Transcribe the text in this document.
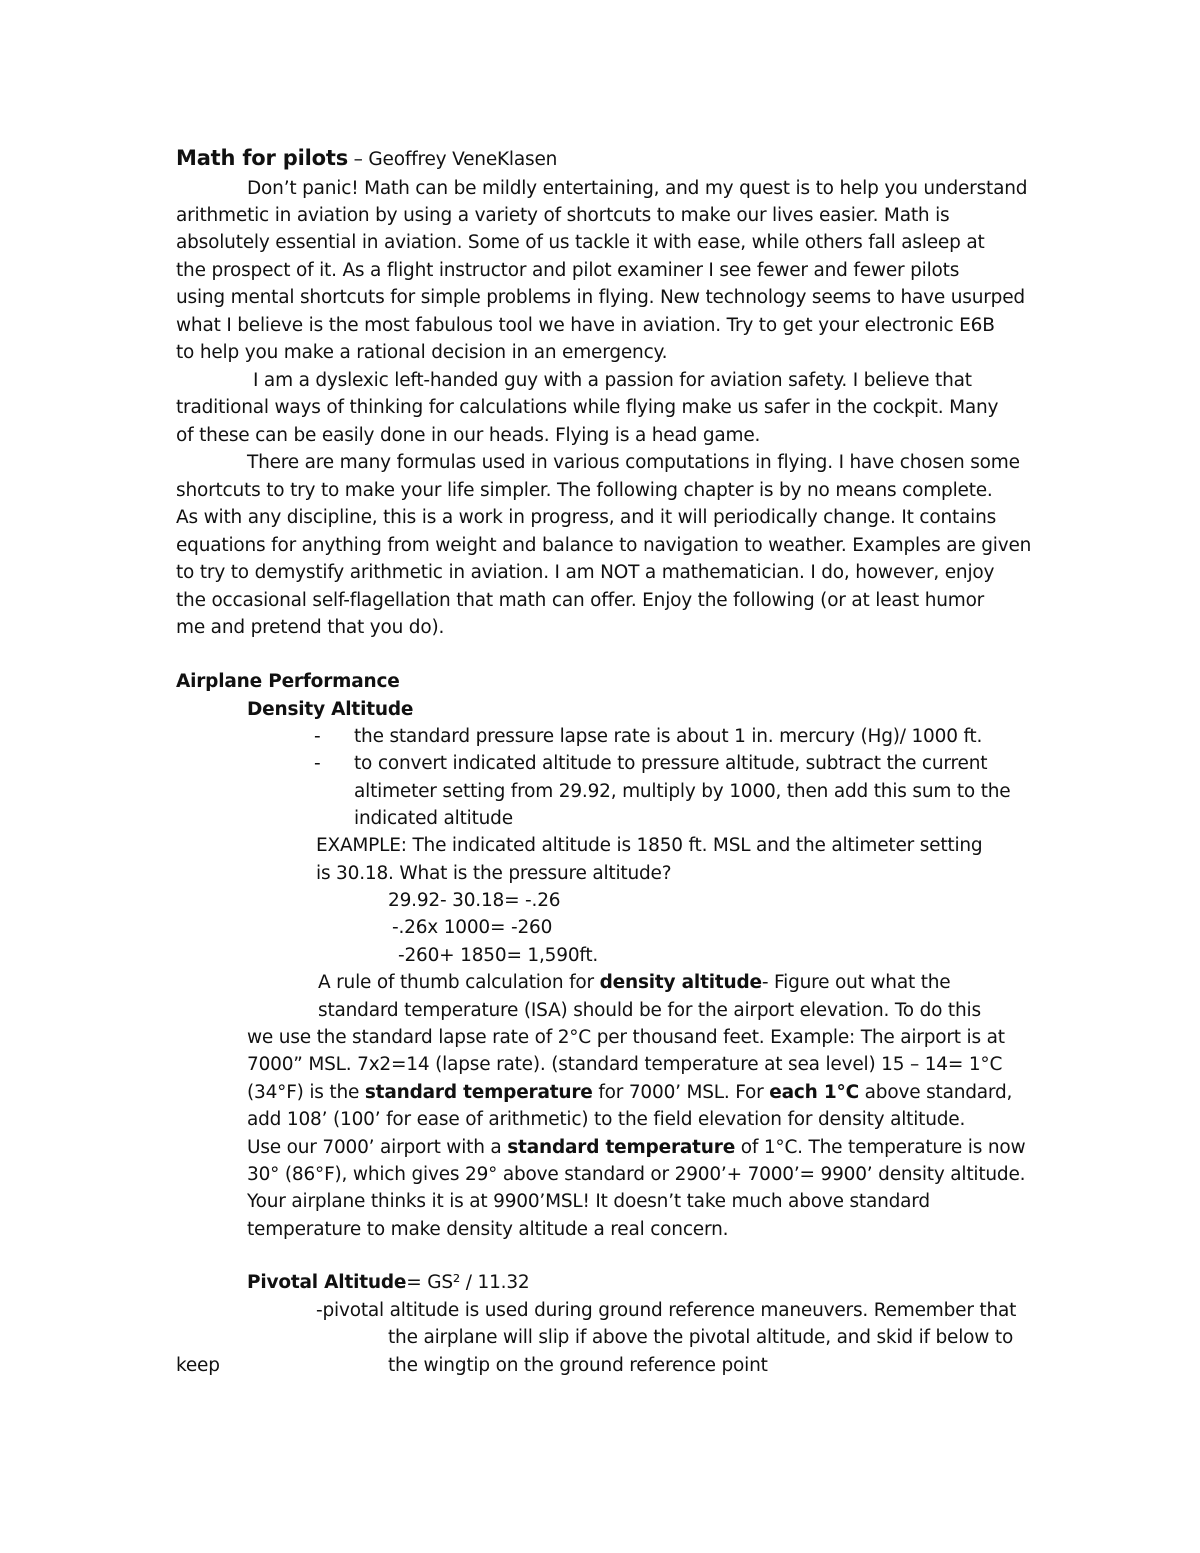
Math for pilots – Geoffrey VeneKlasen
Don’t panic! Math can be mildly entertaining, and my quest is to help you understand
arithmetic in aviation by using a variety of shortcuts to make our lives easier. Math is
absolutely essential in aviation. Some of us tackle it with ease, while others fall asleep at
the prospect of it. As a flight instructor and pilot examiner I see fewer and fewer pilots
using mental shortcuts for simple problems in flying. New technology seems to have usurped
what I believe is the most fabulous tool we have in aviation. Try to get your electronic E6B
to help you make a rational decision in an emergency.
I am a dyslexic left-handed guy with a passion for aviation safety. I believe that
traditional ways of thinking for calculations while flying make us safer in the cockpit. Many
of these can be easily done in our heads. Flying is a head game.
There are many formulas used in various computations in flying. I have chosen some
shortcuts to try to make your life simpler. The following chapter is by no means complete.
As with any discipline, this is a work in progress, and it will periodically change. It contains
equations for anything from weight and balance to navigation to weather. Examples are given
to try to demystify arithmetic in aviation. I am NOT a mathematician. I do, however, enjoy
the occasional self-flagellation that math can offer. Enjoy the following (or at least humor
me and pretend that you do).
Airplane Performance
Density Altitude
- the standard pressure lapse rate is about 1 in. mercury (Hg)/ 1000 ft.
- to convert indicated altitude to pressure altitude, subtract the current
altimeter setting from 29.92, multiply by 1000, then add this sum to the
indicated altitude
EXAMPLE: The indicated altitude is 1850 ft. MSL and the altimeter setting
is 30.18. What is the pressure altitude?
29.92- 30.18= -.26
-.26x 1000= -260
-260+ 1850= 1,590ft.
A rule of thumb calculation for density altitude- Figure out what the
standard temperature (ISA) should be for the airport elevation. To do this
we use the standard lapse rate of 2°C per thousand feet. Example: The airport is at
7000” MSL. 7x2=14 (lapse rate). (standard temperature at sea level) 15 – 14= 1°C
(34°F) is the standard temperature for 7000’ MSL. For each 1°C above standard,
add 108’ (100’ for ease of arithmetic) to the field elevation for density altitude.
Use our 7000’ airport with a standard temperature of 1°C. The temperature is now
30° (86°F), which gives 29° above standard or 2900’+ 7000’= 9900’ density altitude.
Your airplane thinks it is at 9900’MSL! It doesn’t take much above standard
temperature to make density altitude a real concern.
Pivotal Altitude= GS² / 11.32
-pivotal altitude is used during ground reference maneuvers. Remember that
the airplane will slip if above the pivotal altitude, and skid if below to
keep	the wingtip on the ground reference point
